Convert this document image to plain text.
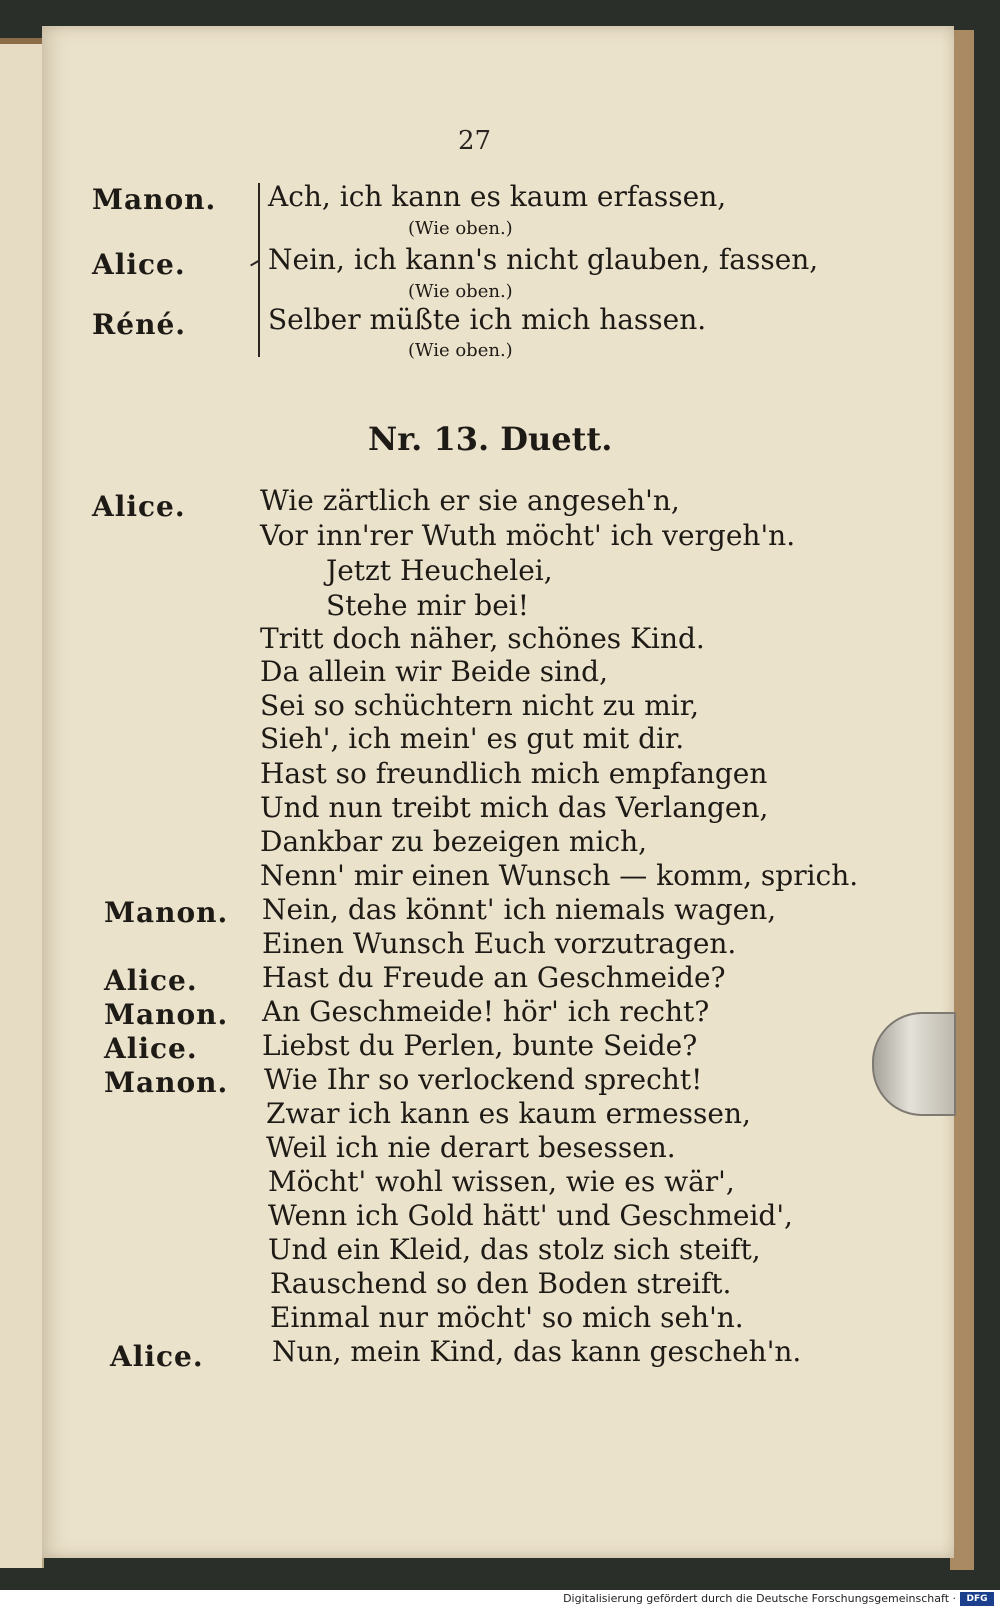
27
Manon.
Alice.
Réné.
Ach, ich kann es kaum erfassen,
(Wie oben.)
Nein, ich kann's nicht glauben, fassen,
(Wie oben.)
Selber müßte ich mich hassen.
(Wie oben.)
Nr. 13. Duett.
Alice.
Manon.
Alice.
Manon.
Alice.
Manon.
Alice.
Wie zärtlich er sie angeseh'n,
Vor inn'rer Wuth möcht' ich vergeh'n.
Jetzt Heuchelei,
Stehe mir bei!
Tritt doch näher, schönes Kind.
Da allein wir Beide sind,
Sei so schüchtern nicht zu mir,
Sieh', ich mein' es gut mit dir.
Hast so freundlich mich empfangen
Und nun treibt mich das Verlangen,
Dankbar zu bezeigen mich,
Nenn' mir einen Wunsch — komm, sprich.
Nein, das könnt' ich niemals wagen,
Einen Wunsch Euch vorzutragen.
Hast du Freude an Geschmeide?
An Geschmeide! hör' ich recht?
Liebst du Perlen, bunte Seide?
Wie Ihr so verlockend sprecht!
Zwar ich kann es kaum ermessen,
Weil ich nie derart besessen.
Möcht' wohl wissen, wie es wär',
Wenn ich Gold hätt' und Geschmeid',
Und ein Kleid, das stolz sich steift,
Rauschend so den Boden streift.
Einmal nur möcht' so mich seh'n.
Nun, mein Kind, das kann gescheh'n.
Digitalisierung gefördert durch die Deutsche Forschungsgemeinschaft ·	DFG
